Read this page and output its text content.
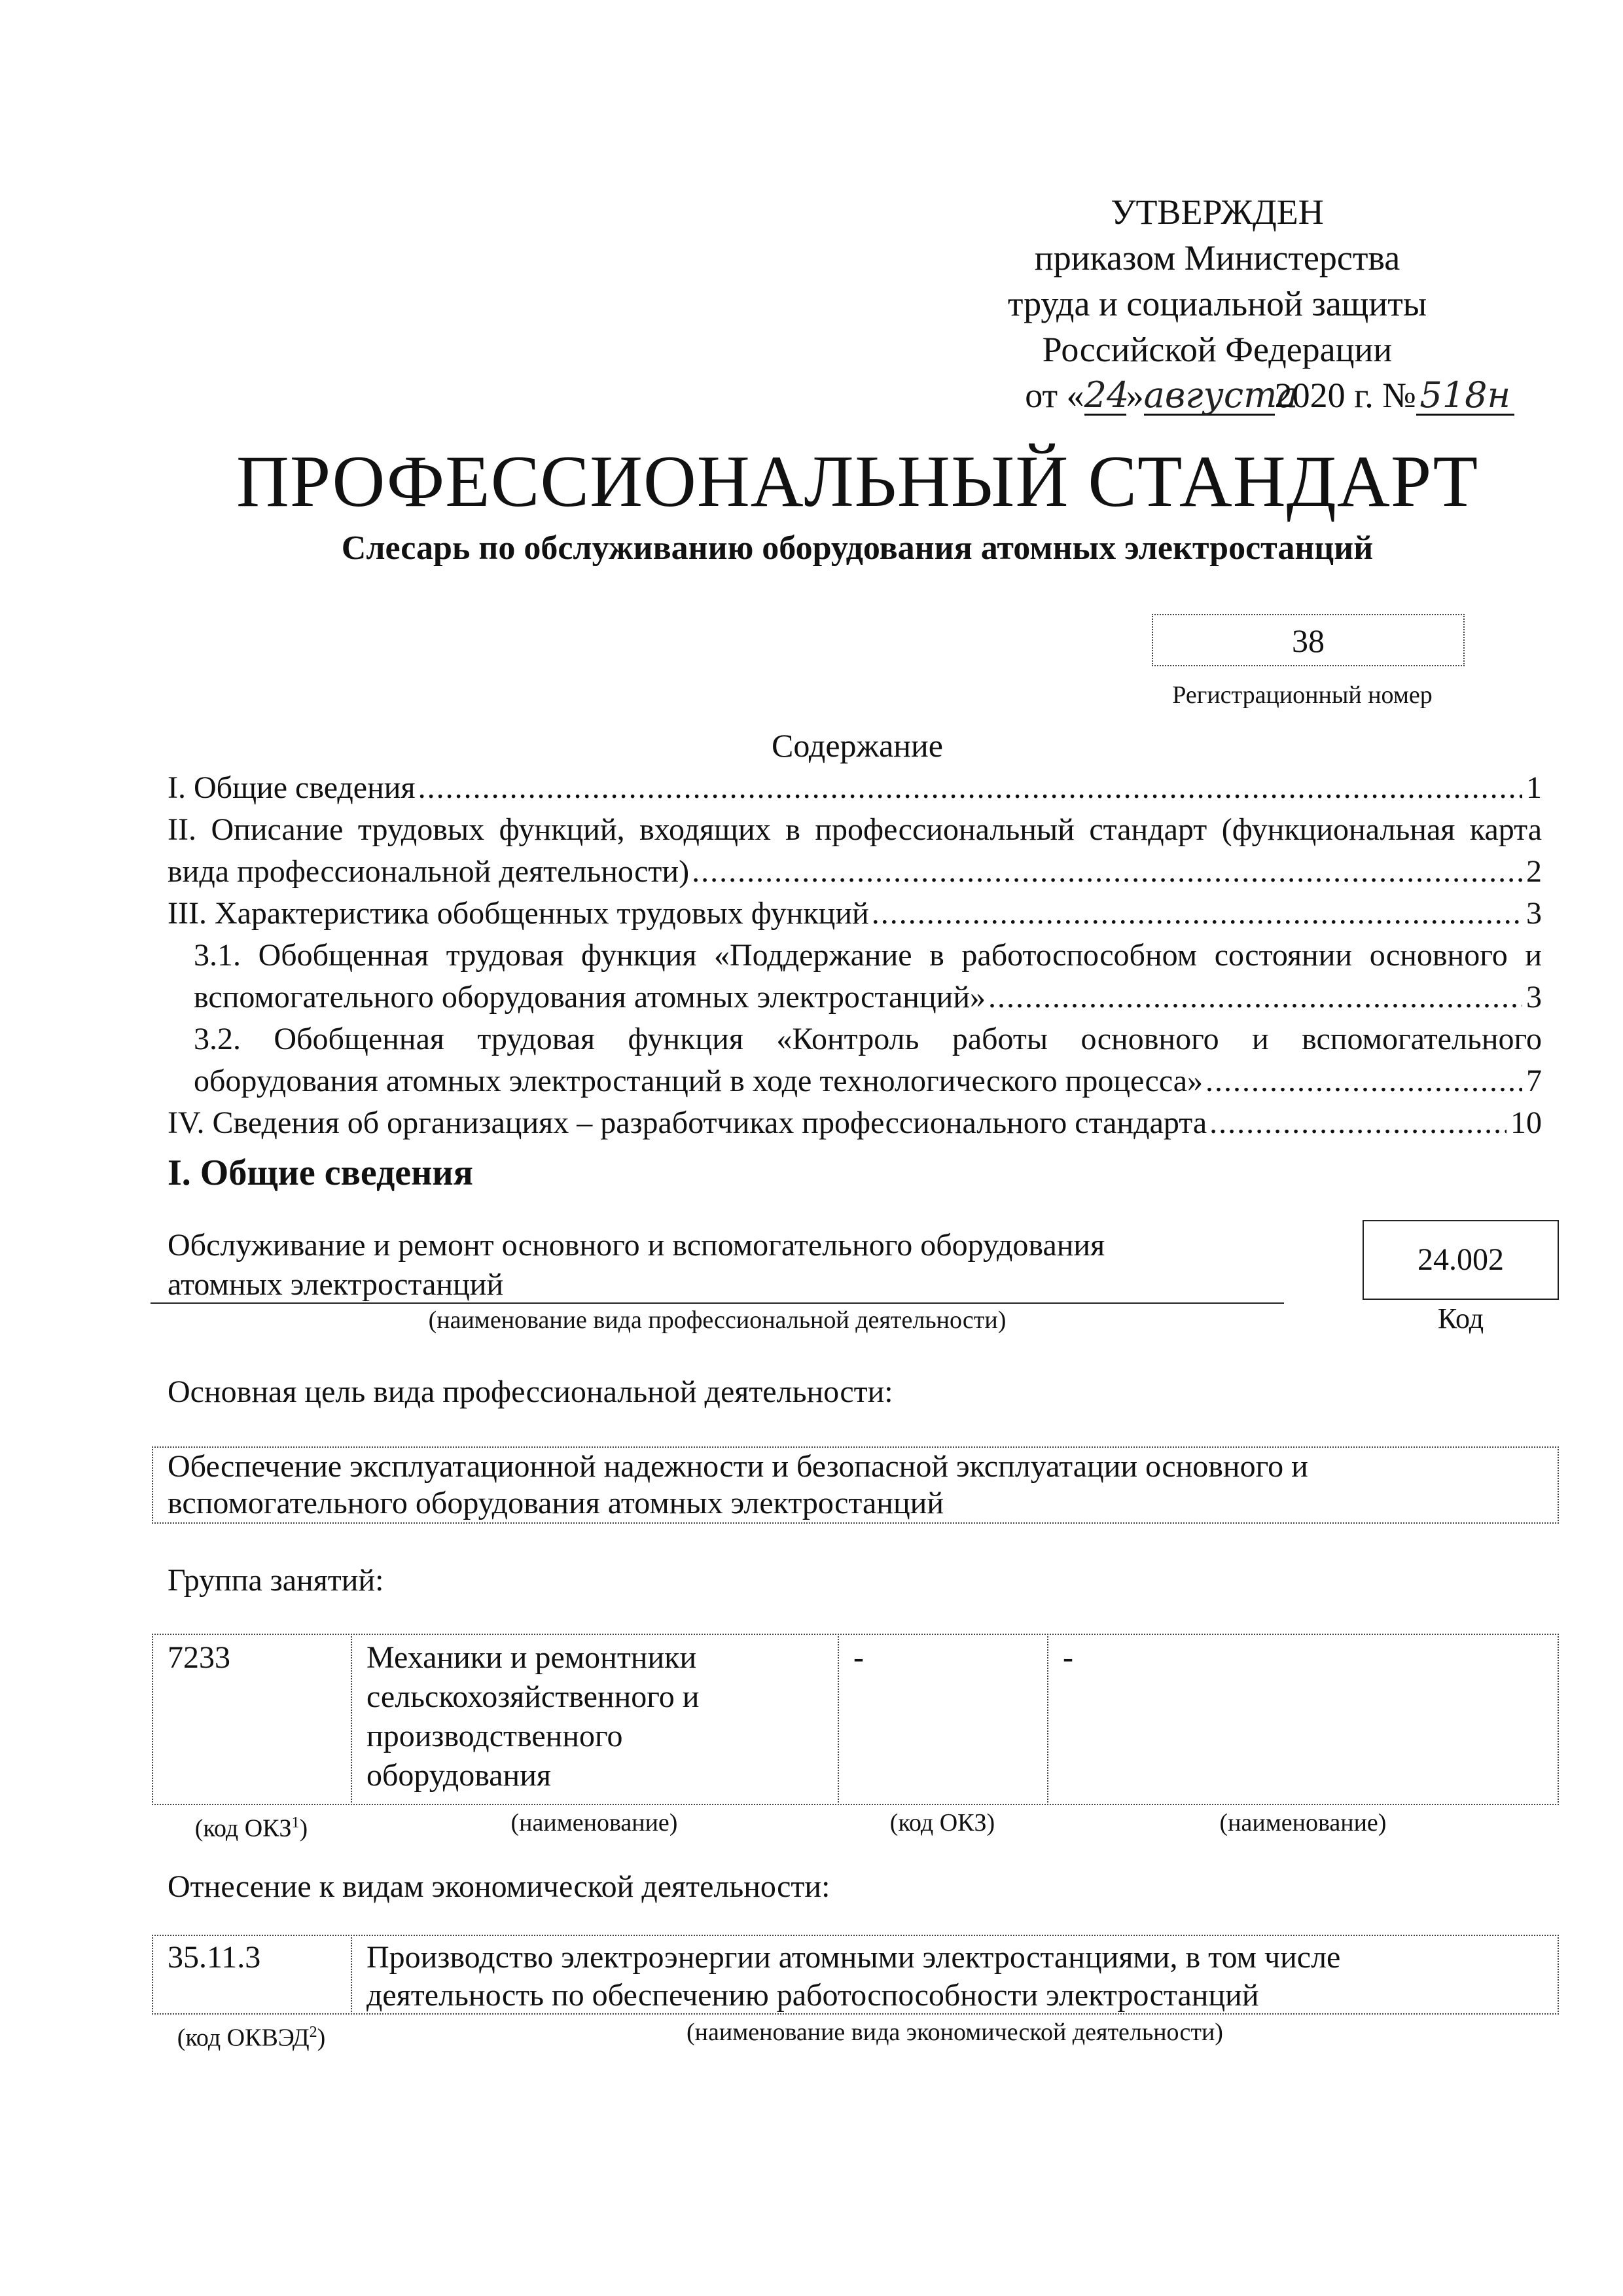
УТВЕРЖДЕН
приказом Министерства
труда и социальной защиты
Российской Федерации
от «24»августа2020 г. № 518н
ПРОФЕССИОНАЛЬНЫЙ СТАНДАРТ
Слесарь по обслуживанию оборудования атомных электростанций
38
Регистрационный номер
Содержание
I. Общие сведения .....	1
II. Описание трудовых функций, входящих в профессиональный стандарт (функциональная карта
вида профессиональной деятельности) .....	2
III. Характеристика обобщенных трудовых функций .....	3
3.1. Обобщенная трудовая функция «Поддержание в работоспособном состоянии основного и
вспомогательного оборудования атомных электростанций» .....	3
3.2. Обобщенная трудовая функция «Контроль работы основного и вспомогательного
оборудования атомных электростанций в ходе технологического процесса» .....	7
IV. Сведения об организациях – разработчиках профессионального стандарта .....	10
I. Общие сведения
Обслуживание и ремонт основного и вспомогательного оборудования
атомных электростанций
(наименование вида профессиональной деятельности)
24.002
Код
Основная цель вида профессиональной деятельности:
Обеспечение эксплуатационной надежности и безопасной эксплуатации основного и
вспомогательного оборудования атомных электростанций
Группа занятий:
7233	Механики и ремонтники
сельскохозяйственного и
производственного
оборудования
-	-
(код ОКЗ$^1$)	(наименование)	(код ОКЗ)	(наименование)
Отнесение к видам экономической деятельности:
35.11.3	Производство электроэнергии атомными электростанциями, в том числе
деятельность по обеспечению работоспособности электростанций
(код ОКВЭД$^2$)	(наименование вида экономической деятельности)
